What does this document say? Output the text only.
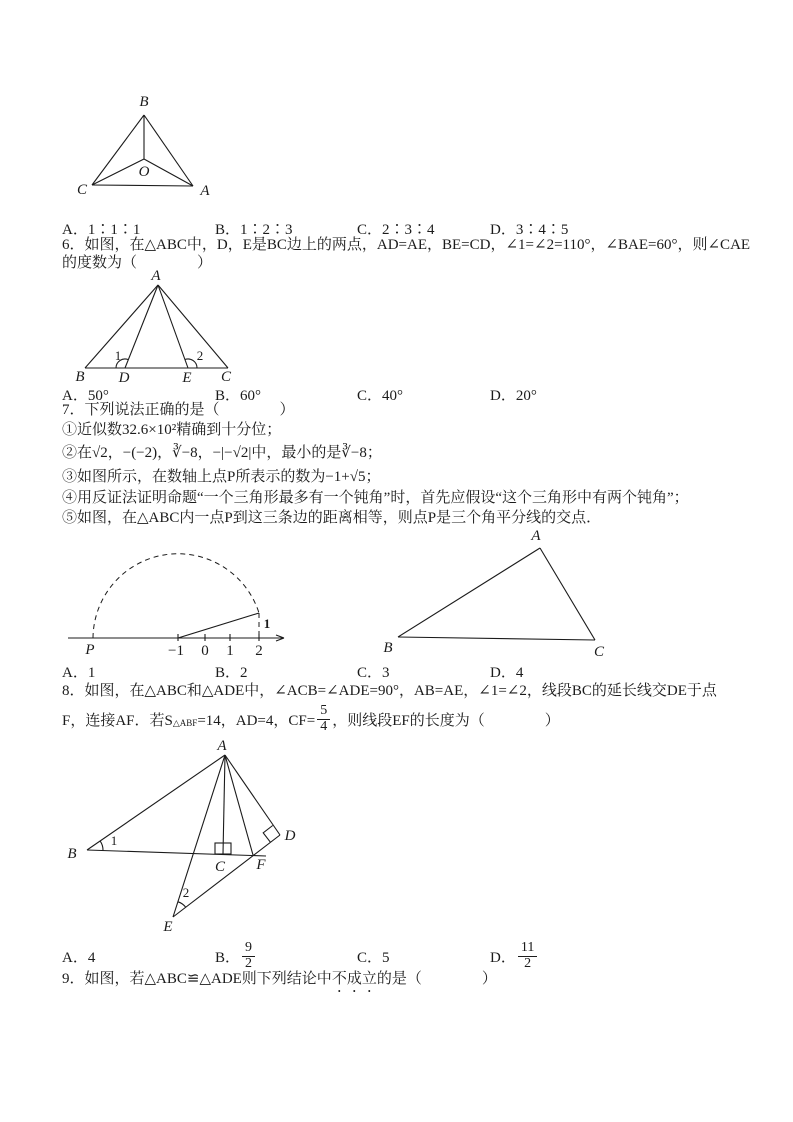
B
C	A
O
A．1∶1∶1	B．1∶2∶3	C．2∶3∶4	D．3∶4∶5
6．如图，在△ABC中，D，E是BC边上的两点，AD=AE，BE=CD，∠1=∠2=110°，∠BAE=60°，则∠CAE
的度数为（　　　　）
A
B D	E C
1	2
A．50°	B．60°	C．40°	D．20°
7．下列说法正确的是（　　　　）
①近似数32.6×10²精确到十分位；
②在√2，−(−2)，∛−8，−|−√2|中，最小的是∛−8；
③如图所示，在数轴上点P所表示的数为−1+√5；
④用反证法证明命题“一个三角形最多有一个钝角”时，首先应假设“这个三角形中有两个钝角”；
⑤如图，在△ABC内一点P到这三条边的距离相等，则点P是三个角平分线的交点．
P	−1 0 1 2
1
A
B	C
A．1	B．2	C．3	D．4
8．如图，在△ABC和△ADE中，∠ACB=∠ADE=90°，AB=AE，∠1=∠2，线段BC的延长线交DE于点
F，连接AF．若S △ABF =14，AD=4，$CF= \frac{5}{4}$ ，则线段EF的长度为（　　　　）
A
B
C F
D
E
1
2
A．4	B． $\frac{9}{2}$	C．5	D． $\frac{11}{2}$
9．如图，若△ABC≌△ADE则下列结论中不成立的是（　　　　）
